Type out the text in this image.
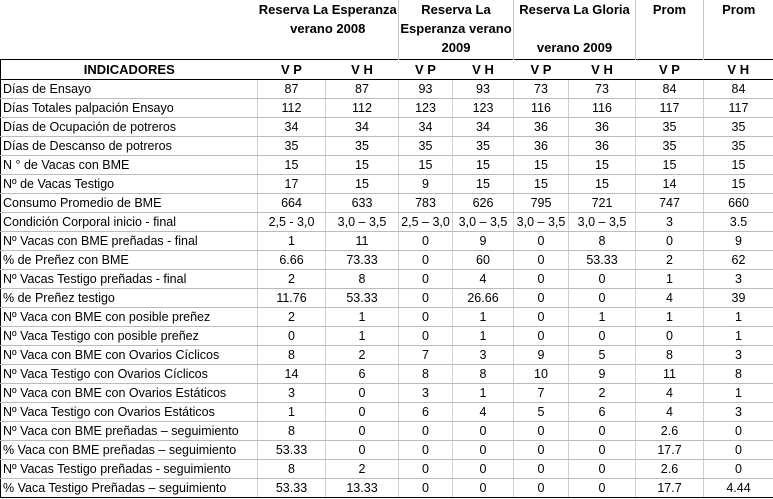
	Reserva La Esperanza
verano 2008		Reserva La
Esperanza verano
2009		Reserva La Gloria
verano 2009		Prom	Prom

INDICADORES	V P	V H	V P	V H	V P	V H	V P	V H
Días de Ensayo	87	87	93	93	73	73	84	84
Días Totales palpación Ensayo	112	112	123	123	116	116	117	117
Días de Ocupación de potreros	34	34	34	34	36	36	35	35
Días de Descanso de potreros	35	35	35	35	36	36	35	35
N ° de Vacas con BME	15	15	15	15	15	15	15	15
Nº de Vacas Testigo	17	15	9	15	15	15	14	15
Consumo Promedio de BME	664	633	783	626	795	721	747	660
Condición Corporal inicio - final	2,5 - 3,0	3,0 – 3,5	2,5 – 3,0	3,0 – 3,5	3,0 – 3,5	3,0 – 3,5	3	3.5
Nº Vacas con BME preñadas - final	1	11	0	9	0	8	0	9
% de Preñez con BME	6.66	73.33	0	60	0	53.33	2	62
Nº Vacas Testigo preñadas - final	2	8	0	4	0	0	1	3
% de Preñez testigo	11.76	53.33	0	26.66	0	0	4	39
Nº Vaca con BME con posible preñez	2	1	0	1	0	1	1	1
Nº Vaca Testigo con posible preñez	0	1	0	1	0	0	0	1
Nº Vaca con BME con Ovarios Cíclicos	8	2	7	3	9	5	8	3
Nº Vaca Testigo con Ovarios Cíclicos	14	6	8	8	10	9	11	8
Nº Vaca con BME con Ovarios Estáticos	3	0	3	1	7	2	4	1
Nº Vaca Testigo con Ovarios Estáticos	1	0	6	4	5	6	4	3
Nº Vaca con BME preñadas – seguimiento	8	0	0	0	0	0	2.6	0
% Vaca con BME preñadas – seguimiento	53.33	0	0	0	0	0	17.7	0
Nº Vacas Testigo preñadas - seguimiento	8	2	0	0	0	0	2.6	0
% Vaca Testigo Preñadas – seguimiento	53.33	13.33	0	0	0	0	17.7	4.44
